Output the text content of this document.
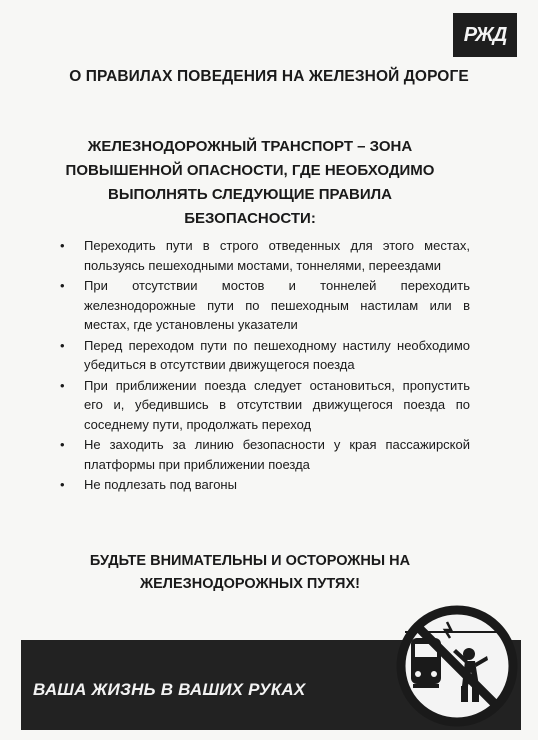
РЖД
О ПРАВИЛАХ ПОВЕДЕНИЯ НА ЖЕЛЕЗНОЙ ДОРОГЕ
ЖЕЛЕЗНОДОРОЖНЫЙ ТРАНСПОРТ – ЗОНА
ПОВЫШЕННОЙ ОПАСНОСТИ, ГДЕ НЕОБХОДИМО
ВЫПОЛНЯТЬ СЛЕДУЮЩИЕ ПРАВИЛА
БЕЗОПАСНОСТИ:
•	Переходить пути в строго отведенных для этого местах, пользуясь пешеходными мостами, тоннелями, переездами
•	При отсутствии мостов и тоннелей переходить железнодорожные пути по пешеходным настилам или в местах, где установлены указатели
•	Перед переходом пути по пешеходному настилу необходимо убедиться в отсутствии движущегося поезда
•	При приближении поезда следует остановиться, пропустить его и, убедившись в отсутствии движущегося поезда по соседнему пути, продолжать переход
•	Не заходить за линию безопасности у края пассажирской платформы при приближении поезда
•	Не подлезать под вагоны
БУДЬТЕ ВНИМАТЕЛЬНЫ И ОСТОРОЖНЫ НА
ЖЕЛЕЗНОДОРОЖНЫХ ПУТЯХ!
ВАША ЖИЗНЬ В ВАШИХ РУКАХ
